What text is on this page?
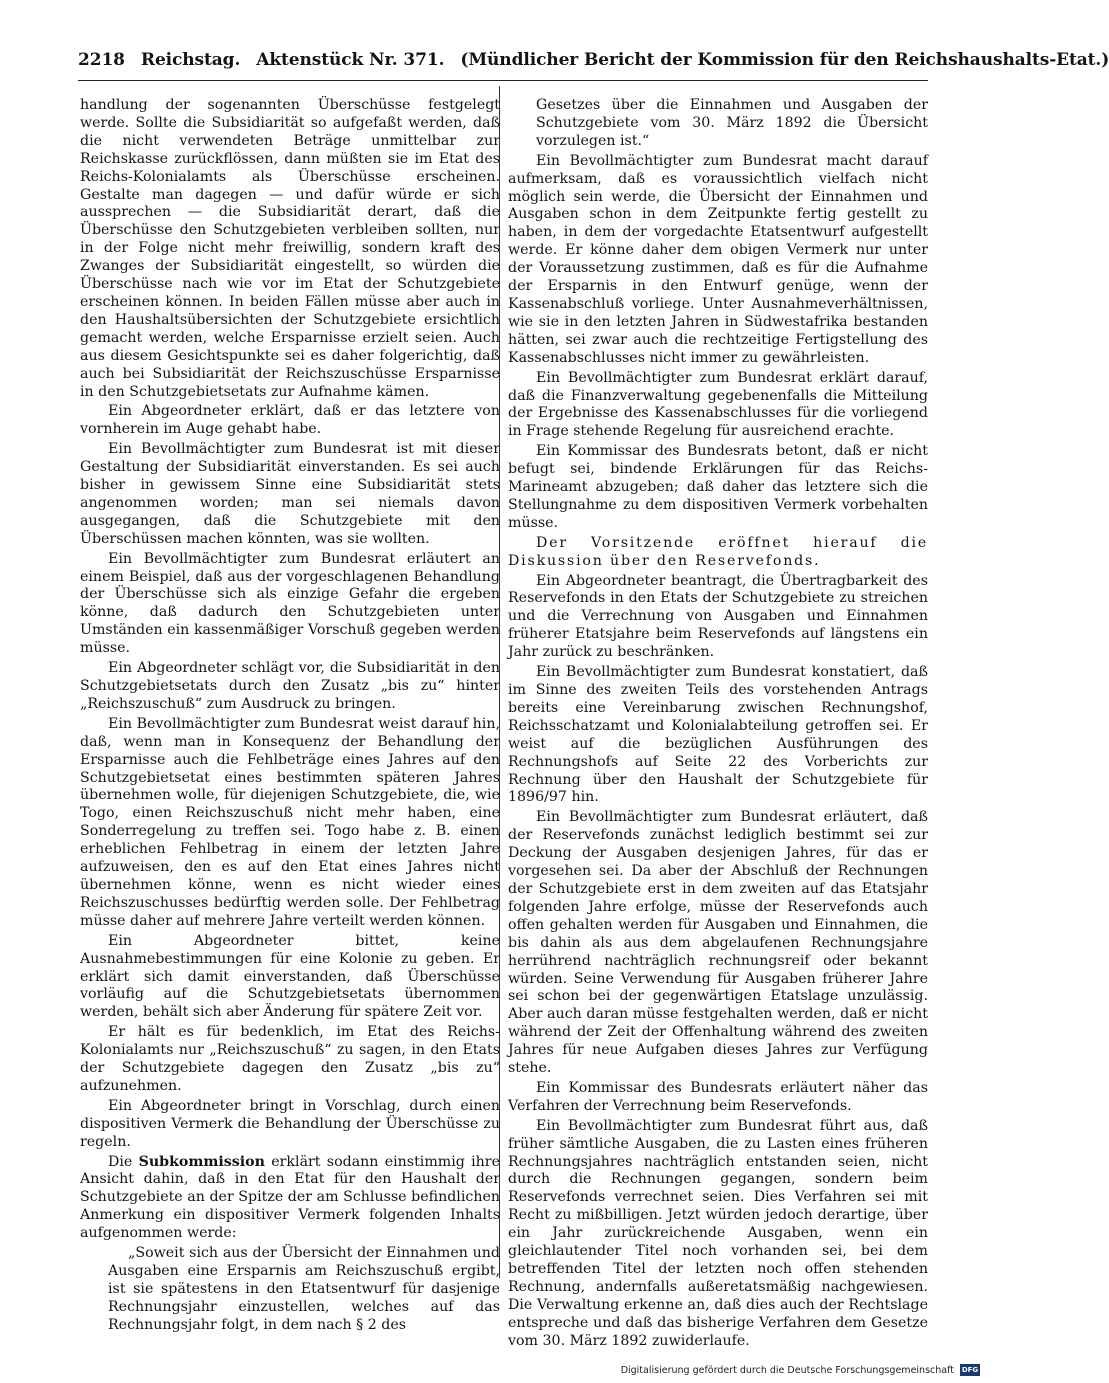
2218 Reichstag. Aktenstück Nr. 371. (Mündlicher Bericht der Kommission für den Reichshaushalts-Etat.)

handlung der sogenannten Überschüsse festgelegt werde. Sollte die Subsidiarität so aufgefaßt werden, daß die nicht verwendeten Beträge unmittelbar zur Reichskasse zurückflössen, dann müßten sie im Etat des Reichs-Kolonialamts als Überschüsse erscheinen. Gestalte man dagegen — und dafür würde er sich aussprechen — die Subsidiarität derart, daß die Überschüsse den Schutzgebieten verbleiben sollten, nur in der Folge nicht mehr freiwillig, sondern kraft des Zwanges der Subsidiarität eingestellt, so würden die Überschüsse nach wie vor im Etat der Schutzgebiete erscheinen können. In beiden Fällen müsse aber auch in den Haushaltsübersichten der Schutzgebiete ersichtlich gemacht werden, welche Ersparnisse erzielt seien. Auch aus diesem Gesichtspunkte sei es daher folgerichtig, daß auch bei Subsidiarität der Reichszuschüsse Ersparnisse in den Schutzgebietsetats zur Aufnahme kämen.

Ein Abgeordneter erklärt, daß er das letztere von vornherein im Auge gehabt habe.

Ein Bevollmächtigter zum Bundesrat ist mit dieser Gestaltung der Subsidiarität einverstanden. Es sei auch bisher in gewissem Sinne eine Subsidiarität stets angenommen worden; man sei niemals davon ausgegangen, daß die Schutzgebiete mit den Überschüssen machen könnten, was sie wollten.

Ein Bevollmächtigter zum Bundesrat erläutert an einem Beispiel, daß aus der vorgeschlagenen Behandlung der Überschüsse sich als einzige Gefahr die ergeben könne, daß dadurch den Schutzgebieten unter Umständen ein kassenmäßiger Vorschuß gegeben werden müsse.

Ein Abgeordneter schlägt vor, die Subsidiarität in den Schutzgebietsetats durch den Zusatz „bis zu“ hinter „Reichszuschuß“ zum Ausdruck zu bringen.

Ein Bevollmächtigter zum Bundesrat weist darauf hin, daß, wenn man in Konsequenz der Behandlung der Ersparnisse auch die Fehlbeträge eines Jahres auf den Schutzgebietsetat eines bestimmten späteren Jahres übernehmen wolle, für diejenigen Schutzgebiete, die, wie Togo, einen Reichszuschuß nicht mehr haben, eine Sonderregelung zu treffen sei. Togo habe z. B. einen erheblichen Fehlbetrag in einem der letzten Jahre aufzuweisen, den es auf den Etat eines Jahres nicht übernehmen könne, wenn es nicht wieder eines Reichszuschusses bedürftig werden solle. Der Fehlbetrag müsse daher auf mehrere Jahre verteilt werden können.

Ein Abgeordneter bittet, keine Ausnahmebestimmungen für eine Kolonie zu geben. Er erklärt sich damit einverstanden, daß Überschüsse vorläufig auf die Schutzgebietsetats übernommen werden, behält sich aber Änderung für spätere Zeit vor.

Er hält es für bedenklich, im Etat des Reichs-Kolonialamts nur „Reichszuschuß“ zu sagen, in den Etats der Schutzgebiete dagegen den Zusatz „bis zu“ aufzunehmen.

Ein Abgeordneter bringt in Vorschlag, durch einen dispositiven Vermerk die Behandlung der Überschüsse zu regeln.

Die Subkommission erklärt sodann einstimmig ihre Ansicht dahin, daß in den Etat für den Haushalt der Schutzgebiete an der Spitze der am Schlusse befindlichen Anmerkung ein dispositiver Vermerk folgenden Inhalts aufgenommen werde:

„Soweit sich aus der Übersicht der Einnahmen und Ausgaben eine Ersparnis am Reichszuschuß ergibt, ist sie spätestens in den Etatsentwurf für dasjenige Rechnungsjahr einzustellen, welches auf das Rechnungsjahr folgt, in dem nach § 2 des

Gesetzes über die Einnahmen und Ausgaben der Schutzgebiete vom 30. März 1892 die Übersicht vorzulegen ist.“

Ein Bevollmächtigter zum Bundesrat macht darauf aufmerksam, daß es voraussichtlich vielfach nicht möglich sein werde, die Übersicht der Einnahmen und Ausgaben schon in dem Zeitpunkte fertig gestellt zu haben, in dem der vorgedachte Etatsentwurf aufgestellt werde. Er könne daher dem obigen Vermerk nur unter der Voraussetzung zustimmen, daß es für die Aufnahme der Ersparnis in den Entwurf genüge, wenn der Kassenabschluß vorliege. Unter Ausnahmeverhältnissen, wie sie in den letzten Jahren in Südwestafrika bestanden hätten, sei zwar auch die rechtzeitige Fertigstellung des Kassenabschlusses nicht immer zu gewährleisten.

Ein Bevollmächtigter zum Bundesrat erklärt darauf, daß die Finanzverwaltung gegebenenfalls die Mitteilung der Ergebnisse des Kassenabschlusses für die vorliegend in Frage stehende Regelung für ausreichend erachte.

Ein Kommissar des Bundesrats betont, daß er nicht befugt sei, bindende Erklärungen für das Reichs-Marineamt abzugeben; daß daher das letztere sich die Stellungnahme zu dem dispositiven Vermerk vorbehalten müsse.

Der Vorsitzende eröffnet hierauf die Diskussion über den Reservefonds.

Ein Abgeordneter beantragt, die Übertragbarkeit des Reservefonds in den Etats der Schutzgebiete zu streichen und die Verrechnung von Ausgaben und Einnahmen früherer Etatsjahre beim Reservefonds auf längstens ein Jahr zurück zu beschränken.

Ein Bevollmächtigter zum Bundesrat konstatiert, daß im Sinne des zweiten Teils des vorstehenden Antrags bereits eine Vereinbarung zwischen Rechnungshof, Reichsschatzamt und Kolonialabteilung getroffen sei. Er weist auf die bezüglichen Ausführungen des Rechnungshofs auf Seite 22 des Vorberichts zur Rechnung über den Haushalt der Schutzgebiete für 1896/97 hin.

Ein Bevollmächtigter zum Bundesrat erläutert, daß der Reservefonds zunächst lediglich bestimmt sei zur Deckung der Ausgaben desjenigen Jahres, für das er vorgesehen sei. Da aber der Abschluß der Rechnungen der Schutzgebiete erst in dem zweiten auf das Etatsjahr folgenden Jahre erfolge, müsse der Reservefonds auch offen gehalten werden für Ausgaben und Einnahmen, die bis dahin als aus dem abgelaufenen Rechnungsjahre herrührend nachträglich rechnungsreif oder bekannt würden. Seine Verwendung für Ausgaben früherer Jahre sei schon bei der gegenwärtigen Etatslage unzulässig. Aber auch daran müsse festgehalten werden, daß er nicht während der Zeit der Offenhaltung während des zweiten Jahres für neue Aufgaben dieses Jahres zur Verfügung stehe.

Ein Kommissar des Bundesrats erläutert näher das Verfahren der Verrechnung beim Reservefonds.

Ein Bevollmächtigter zum Bundesrat führt aus, daß früher sämtliche Ausgaben, die zu Lasten eines früheren Rechnungsjahres nachträglich entstanden seien, nicht durch die Rechnungen gegangen, sondern beim Reservefonds verrechnet seien. Dies Verfahren sei mit Recht zu mißbilligen. Jetzt würden jedoch derartige, über ein Jahr zurückreichende Ausgaben, wenn ein gleichlautender Titel noch vorhanden sei, bei dem betreffenden Titel der letzten noch offen stehenden Rechnung, andernfalls außeretatsmäßig nachgewiesen. Die Verwaltung erkenne an, daß dies auch der Rechtslage entspreche und daß das bisherige Verfahren dem Gesetze vom 30. März 1892 zuwiderlaufe.

Digitalisierung gefördert durch die Deutsche Forschungsgemeinschaft DFG
